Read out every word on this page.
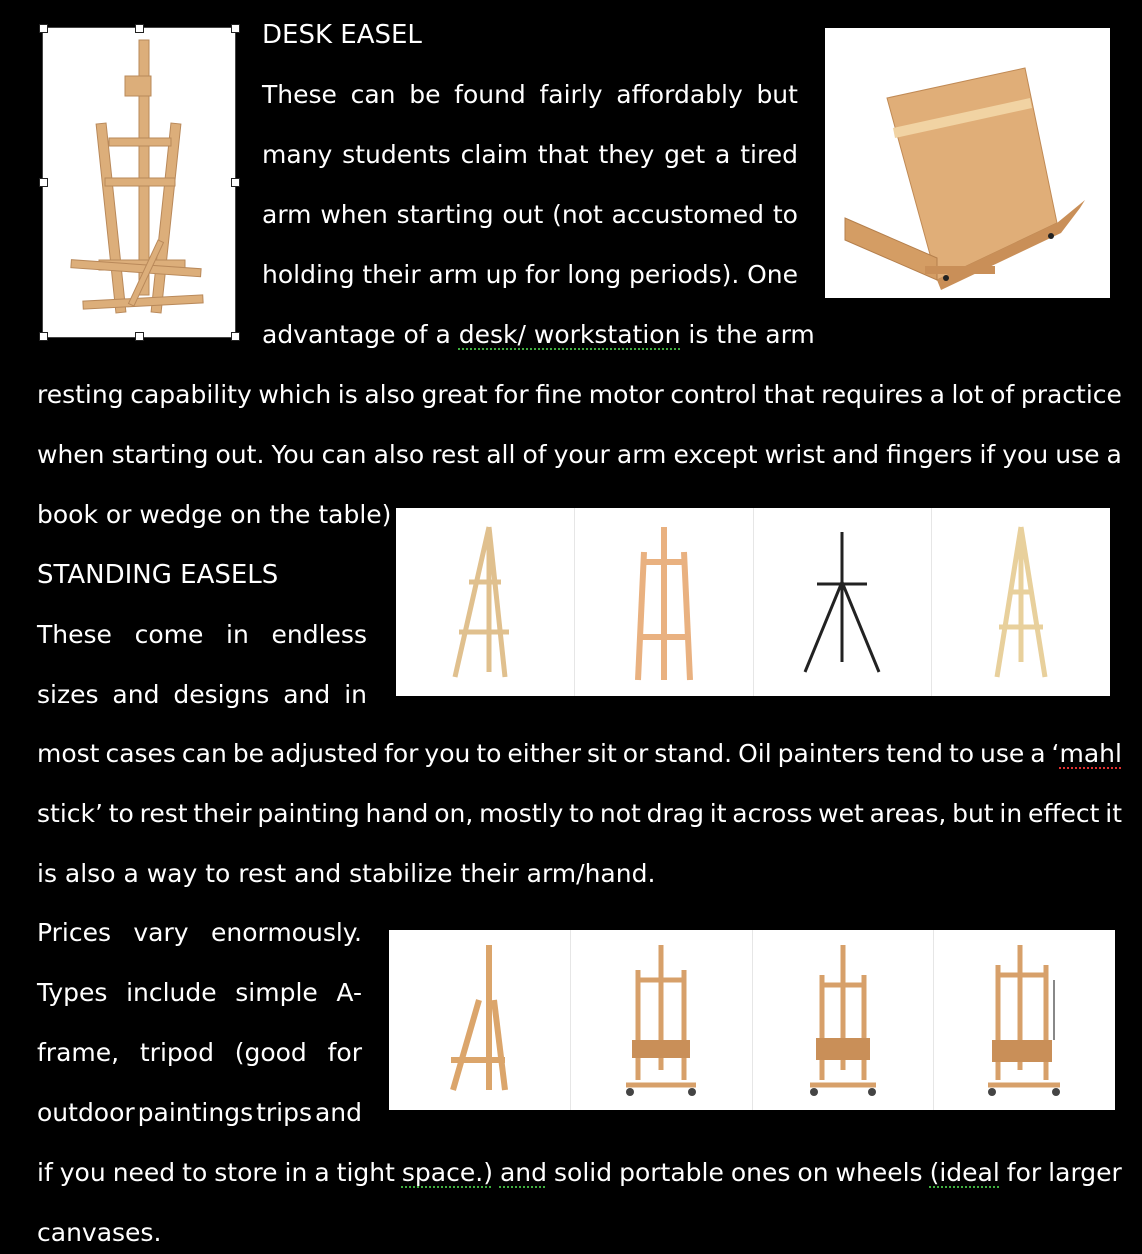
DESK EASEL
These can be found fairly affordably but
many students claim that they get a tired
arm when starting out (not accustomed to
holding their arm up for long periods). One
advantage of a desk/ workstation is the arm
resting capability which is also great for fine motor control that requires a lot of practice
when starting out. You can also rest all of your arm except wrist and fingers if you use a
book or wedge on the table)
STANDING EASELS
These come in endless
sizes and designs and in
most cases can be adjusted for you to either sit or stand. Oil painters tend to use a ‘mahl
stick’ to rest their painting hand on, mostly to not drag it across wet areas, but in effect it
is also a way to rest and stabilize their arm/hand.
Prices vary enormously.
Types include simple A-
frame, tripod (good for
outdoor paintings trips and
if you need to store in a tight space.) and solid portable ones on wheels (ideal for larger
canvases.
